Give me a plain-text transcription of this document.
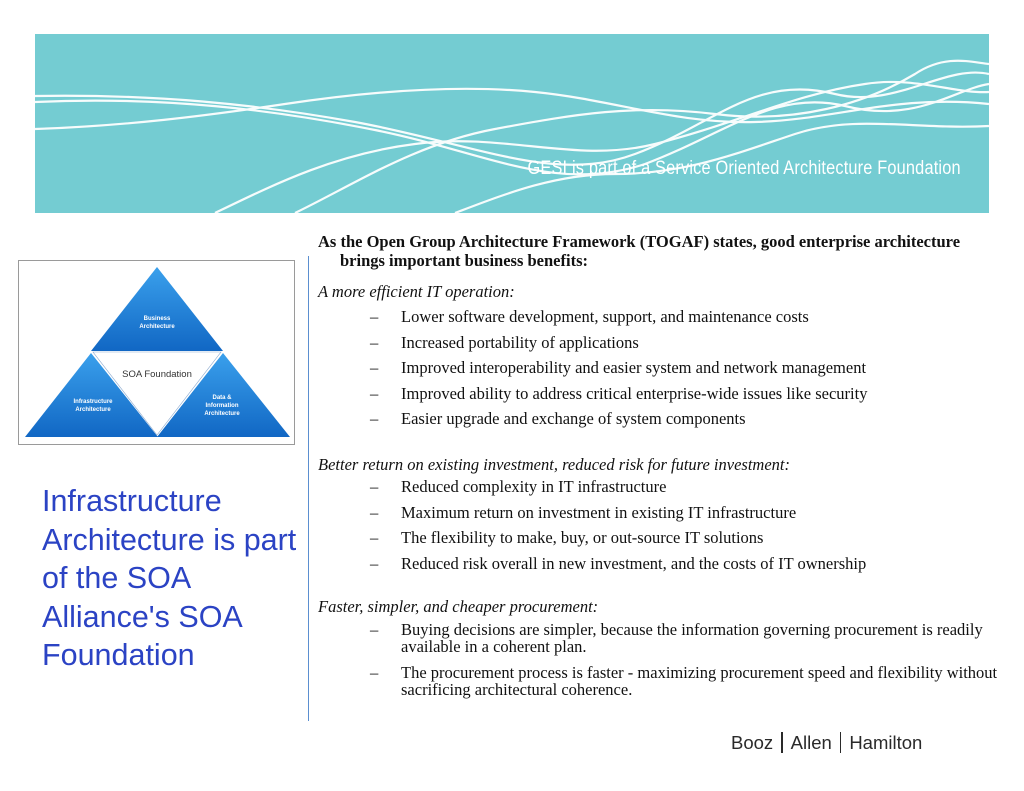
GESI is part of a Service Oriented Architecture Foundation
Business
Architecture
SOA Foundation
Infrastructure
Architecture
Data &
Information
Architecture
Infrastructure Architecture is part of the SOA Alliance's SOA Foundation

As the Open Group Architecture Framework (TOGAF) states, good enterprise architecture brings important business benefits:

A more efficient IT operation:

– Lower software development, support, and maintenance costs
– Increased portability of applications
– Improved interoperability and easier system and network management
– Improved ability to address critical enterprise-wide issues like security
– Easier upgrade and exchange of system components

Better return on existing investment, reduced risk for future investment:

– Reduced complexity in IT infrastructure
– Maximum return on investment in existing IT infrastructure
– The flexibility to make, buy, or out-source IT solutions
– Reduced risk overall in new investment, and the costs of IT ownership

Faster, simpler, and cheaper procurement:

– Buying decisions are simpler, because the information governing procurement is readily available in a coherent plan.
– The procurement process is faster - maximizing procurement speed and flexibility without sacrificing architectural coherence.
Booz Allen Hamilton
